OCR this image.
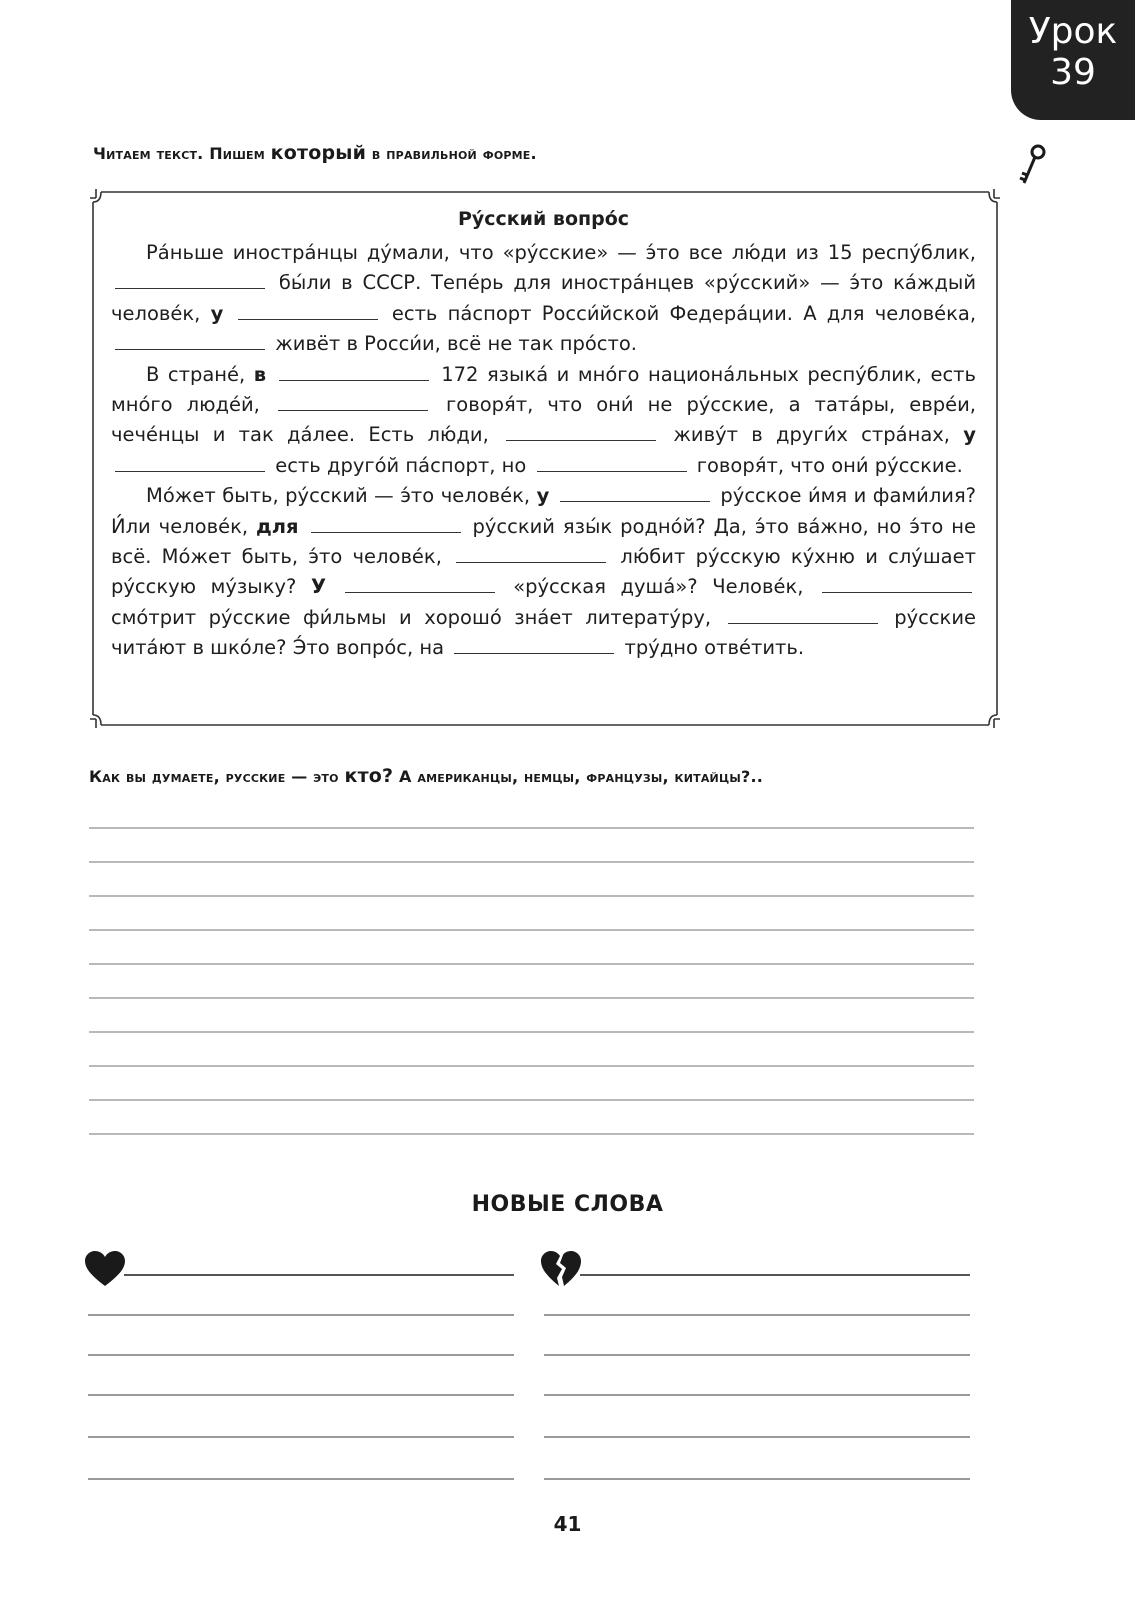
Урок
39
Читаем текст. Пишем который в правильной форме.
Ру́сский вопро́с

Ра́ньше иностра́нцы ду́мали, что «ру́сские» — э́то все лю́ди из 15 респу́блик,  бы́ли в СССР. Тепе́рь для иностра́нцев «ру́сский» — э́то ка́ждый челове́к, у	есть па́спорт Росси́йской Федера́ции. А для челове́ка,  живёт в Росси́и, всё не так про́сто.

В стране́, в	172 языка́ и мно́го национа́льных респу́блик, есть мно́го люде́й,	говоря́т, что они́ не ру́сские, а тата́ры, евре́и, чече́нцы и так да́лее. Есть лю́ди,	живу́т в други́х стра́нах, у  есть друго́й па́спорт, но	говоря́т, что они́ ру́сские.

Мо́жет быть, ру́сский — э́то челове́к, у	ру́сское и́мя и фами́лия? И́ли челове́к, для	ру́сский язы́к родно́й? Да, э́то ва́жно, но э́то не всё. Мо́жет быть, э́то челове́к,	лю́бит ру́сскую ку́хню и слу́шает ру́сскую му́зыку? У	«ру́сская душа́»? Челове́к,  смо́трит ру́сские фи́льмы и хорошо́ зна́ет литерату́ру,	ру́сские чита́ют в шко́ле? Э́то вопро́с, на	тру́дно отве́тить.

Как вы думаете, русские — это кто? А американцы, немцы, французы, китайцы?..
НОВЫЕ СЛОВА
41
